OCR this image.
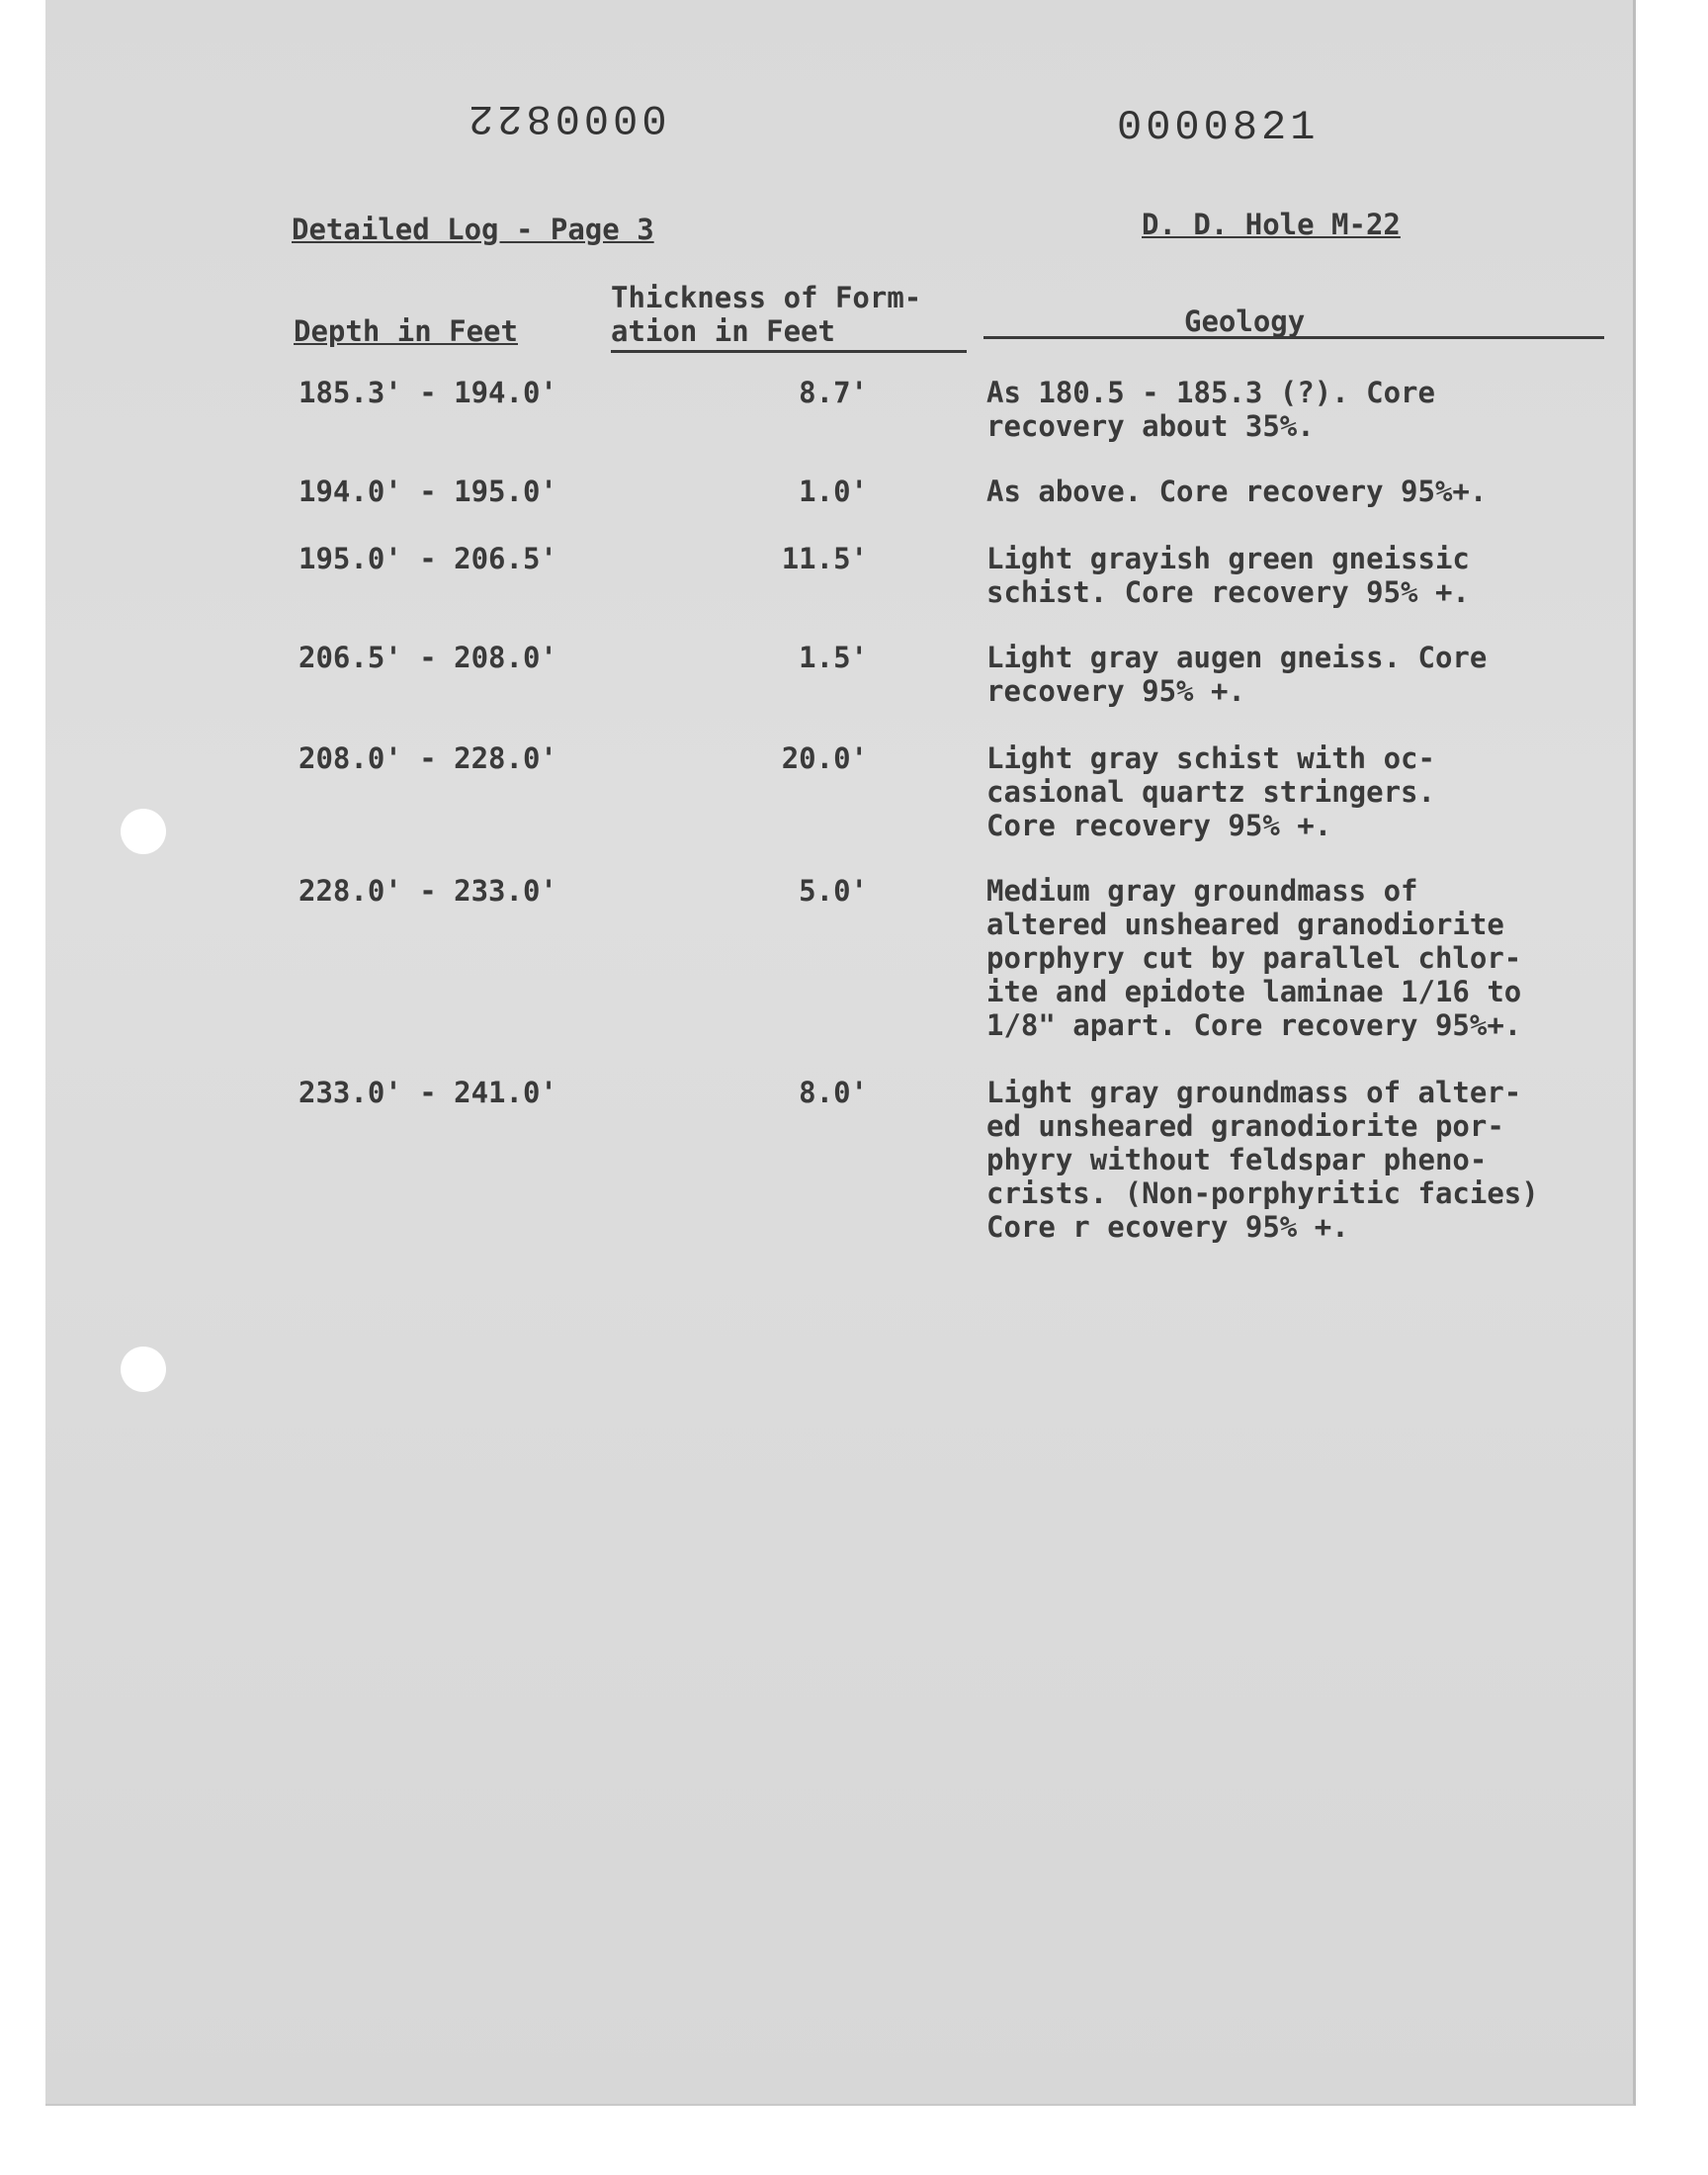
0000822	0000821
Detailed Log - Page 3	D. D. Hole M-22
Depth in Feet
Thickness of Form-
ation in Feet	Geology
185.3' - 194.0'	8.7'	As 180.5 - 185.3 (?). Core
recovery about 35%.
194.0' - 195.0'	1.0'	As above. Core recovery 95%+.
195.0' - 206.5'	11.5'	Light grayish green gneissic
schist. Core recovery 95% +.
206.5' - 208.0'	1.5'	Light gray augen gneiss. Core
recovery 95% +.
208.0' - 228.0'	20.0'	Light gray schist with oc-
casional quartz stringers.
Core recovery 95% +.
228.0' - 233.0'	5.0'	Medium gray groundmass of
altered unsheared granodiorite
porphyry cut by parallel chlor-
ite and epidote laminae 1/16 to
1/8" apart. Core recovery 95%+.
233.0' - 241.0'	8.0'	Light gray groundmass of alter-
ed unsheared granodiorite por-
phyry without feldspar pheno-
crists. (Non-porphyritic facies)
Core r ecovery 95% +.
